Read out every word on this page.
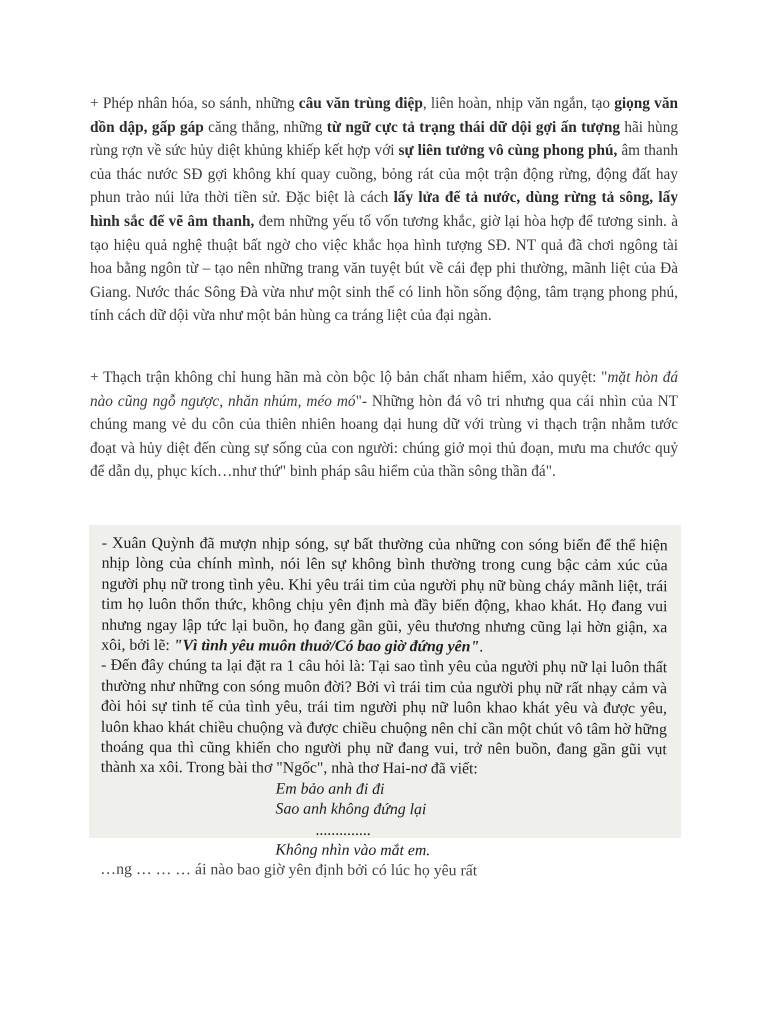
+ Phép nhân hóa, so sánh, những câu văn trùng điệp, liên hoàn, nhịp văn ngắn, tạo giọng văn dồn dập, gấp gáp căng thẳng, những từ ngữ cực tả trạng thái dữ dội gợi ấn tượng hãi hùng rùng rợn về sức hủy diệt khủng khiếp kết hợp với sự liên tưởng vô cùng phong phú, âm thanh của thác nước SĐ gợi không khí quay cuồng, bỏng rát của một trận động rừng, động đất hay phun trào núi lửa thời tiền sử. Đặc biệt là cách lấy lửa để tả nước, dùng rừng tả sông, lấy hình sắc để vẽ âm thanh, đem những yếu tố vốn tương khắc, giờ lại hòa hợp để tương sinh. à tạo hiệu quả nghệ thuật bất ngờ cho việc khắc họa hình tượng SĐ. NT quả đã chơi ngông tài hoa bằng ngôn từ – tạo nên những trang văn tuyệt bút về cái đẹp phi thường, mãnh liệt của Đà Giang. Nước thác Sông Đà vừa như một sinh thể có linh hồn sống động, tâm trạng phong phú, tính cách dữ dội vừa như một bản hùng ca tráng liệt của đại ngàn.

+ Thạch trận không chỉ hung hãn mà còn bộc lộ bản chất nham hiểm, xảo quyệt: "mặt hòn đá nào cũng ngỗ ngược, nhăn nhúm, méo mó"- Những hòn đá vô tri nhưng qua cái nhìn của NT chúng mang vẻ du côn của thiên nhiên hoang dại hung dữ với trùng vi thạch trận nhằm tước đoạt và hủy diệt đến cùng sự sống của con người: chúng giở mọi thủ đoạn, mưu ma chước quỷ để dẫn dụ, phục kích…như thứ" binh pháp sâu hiểm của thần sông thần đá".

- Xuân Quỳnh đã mượn nhịp sóng, sự bất thường của những con sóng biển để thể hiện nhịp lòng của chính mình, nói lên sự không bình thường trong cung bậc cảm xúc của người phụ nữ trong tình yêu. Khi yêu trái tim của người phụ nữ bùng cháy mãnh liệt, trái tim họ luôn thổn thức, không chịu yên định mà đầy biến động, khao khát. Họ đang vui nhưng ngay lập tức lại buồn, họ đang gần gũi, yêu thương nhưng cũng lại hờn giận, xa xôi, bởi lẽ: "Vì tình yêu muôn thuở/Có bao giờ đứng yên".

- Đến đây chúng ta lại đặt ra 1 câu hỏi là: Tại sao tình yêu của người phụ nữ lại luôn thất thường như những con sóng muôn đời? Bởi vì trái tim của người phụ nữ rất nhạy cảm và đòi hỏi sự tinh tế của tình yêu, trái tim người phụ nữ luôn khao khát yêu và được yêu, luôn khao khát chiều chuộng và được chiều chuộng nên chỉ cần một chút vô tâm hờ hững thoáng qua thì cũng khiến cho người phụ nữ đang vui, trở nên buồn, đang gần gũi vụt thành xa xôi. Trong bài thơ "Ngốc", nhà thơ Hai-nơ đã viết:

Em bảo anh đi đi
Sao anh không đứng lại
..............
Không nhìn vào mắt em.

…ng … … … ái nào bao giờ yên định bởi có lúc họ yêu rất
